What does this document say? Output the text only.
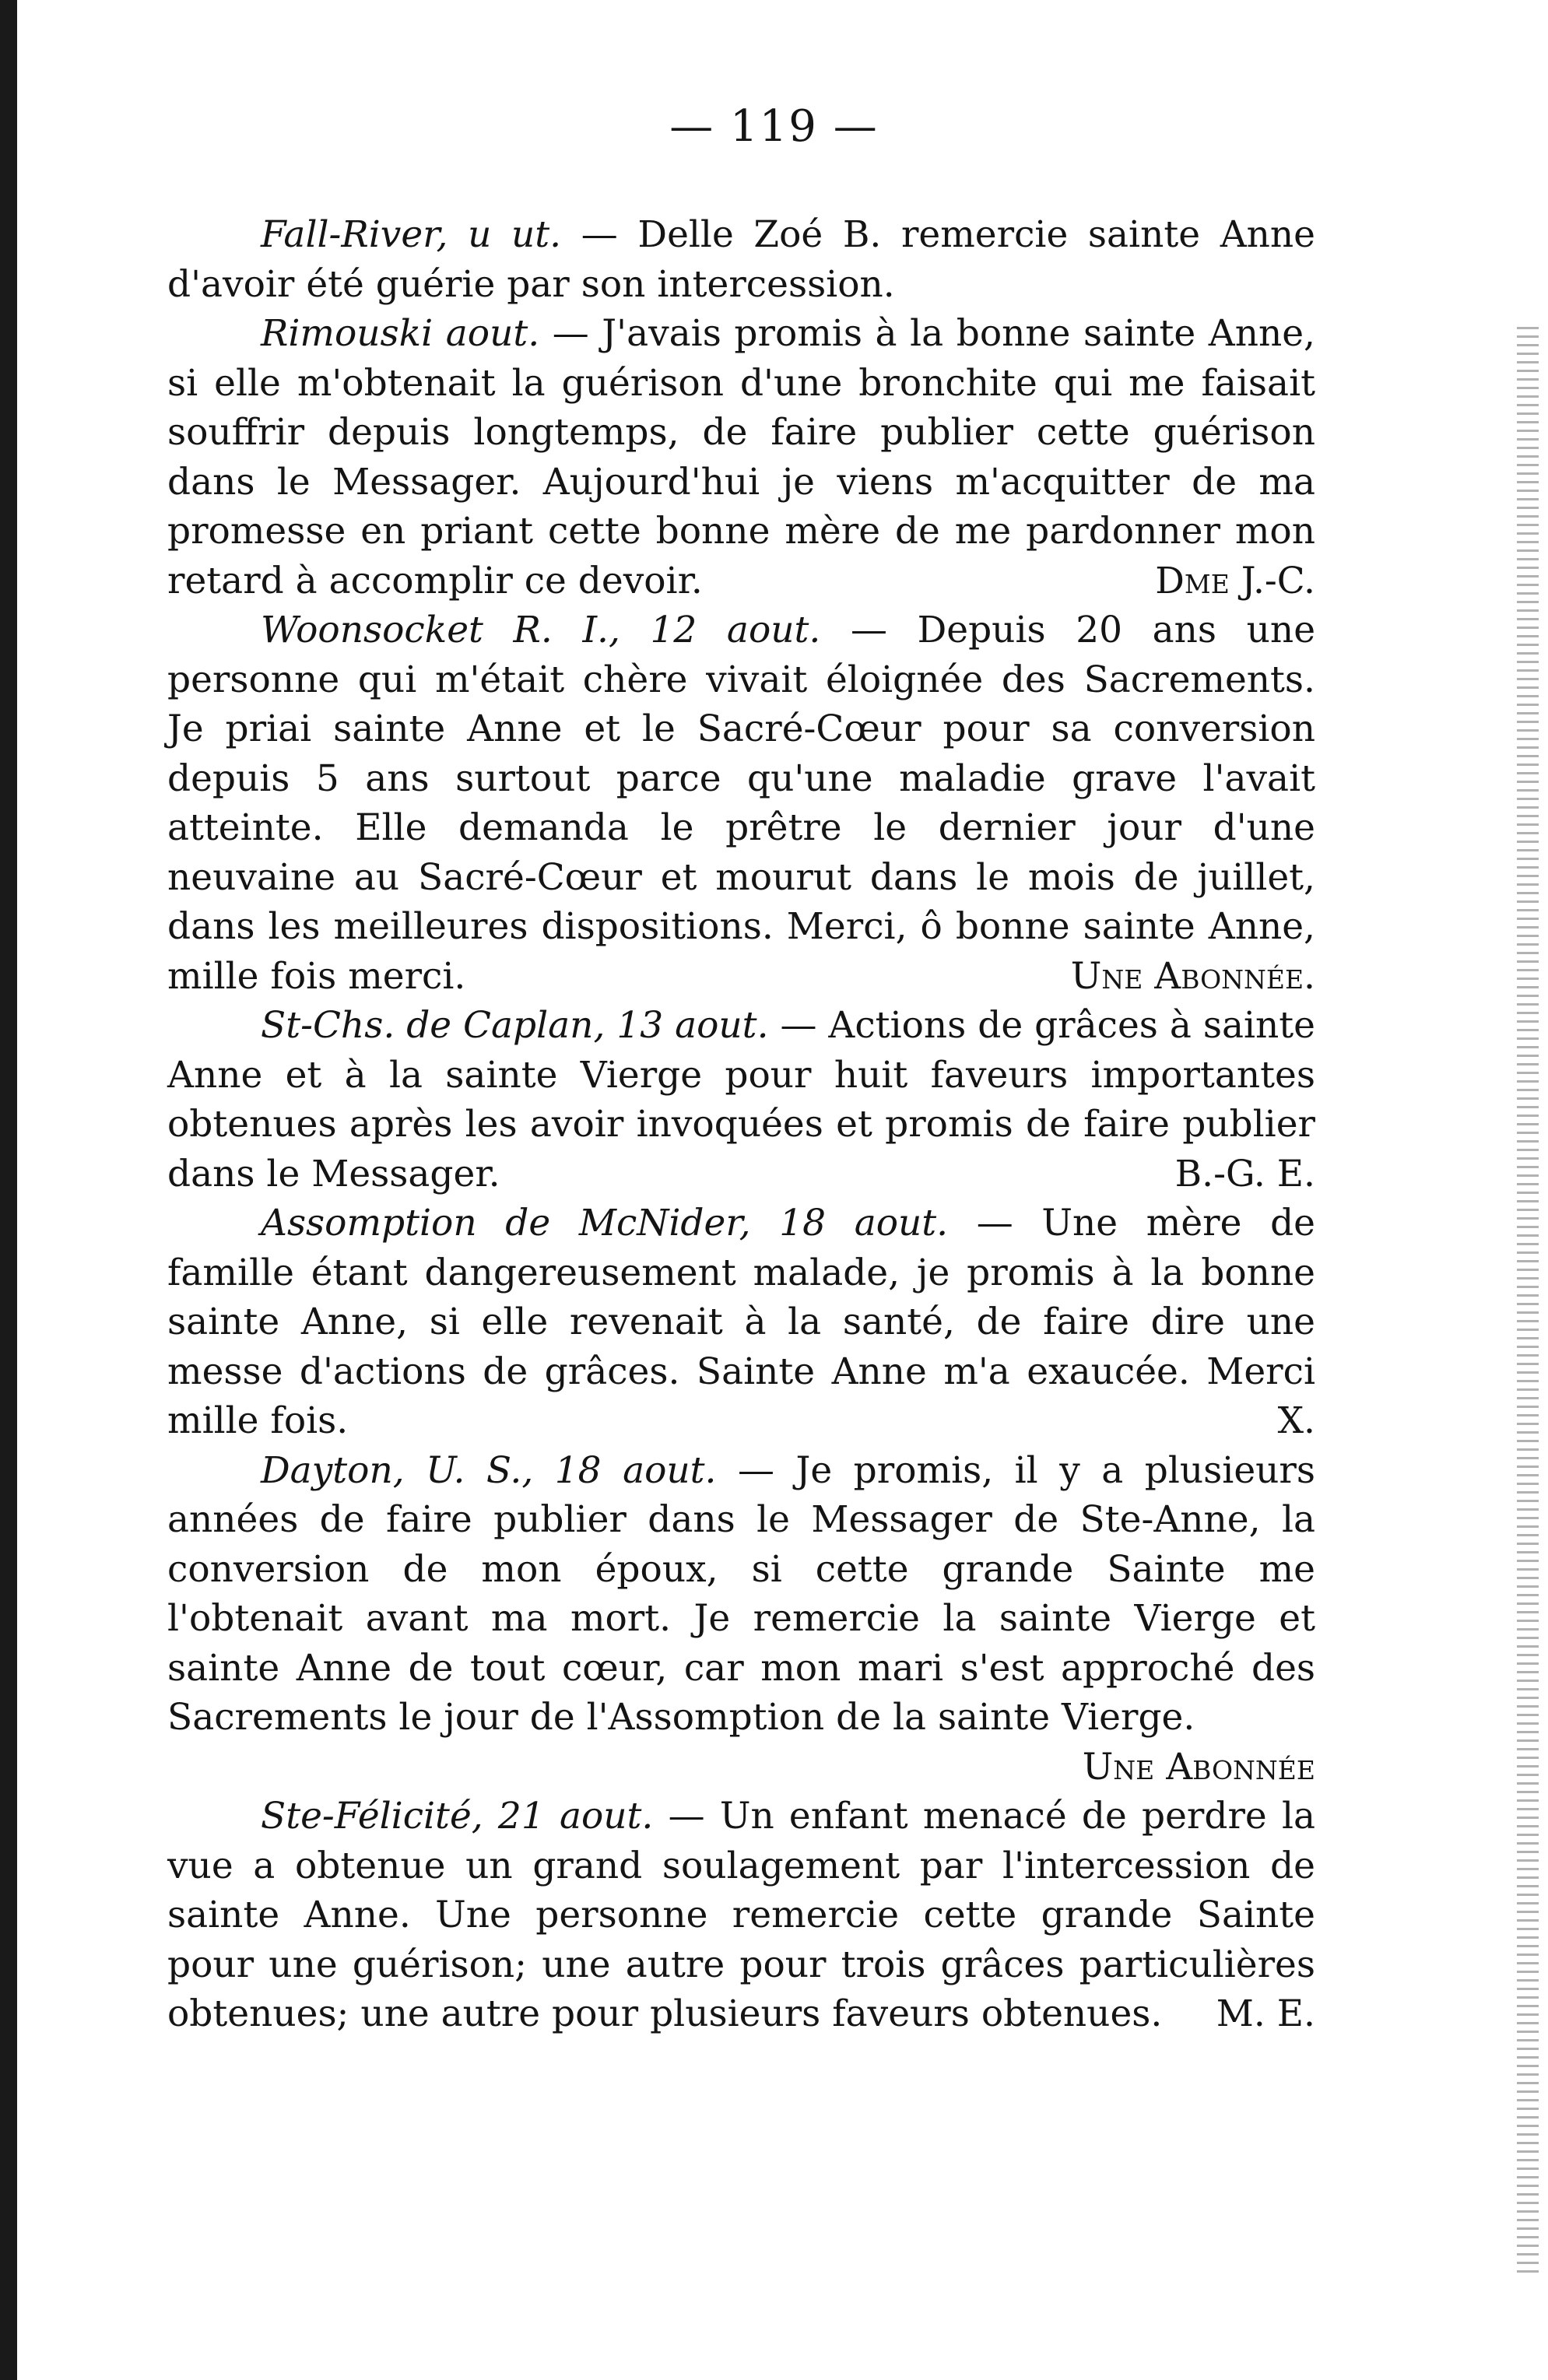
— 119 —

Fall-River, u ut. — Delle Zoé B. remercie sainte Anne d'avoir été guérie par son intercession.

Rimouski aout. — J'avais promis à la bonne sainte Anne, si elle m'obtenait la guérison d'une bronchite qui me faisait souffrir depuis longtemps, de faire publier cette guérison dans le Messager. Aujourd'hui je viens m'acquitter de ma promesse en priant cette bonne mère de me pardonner mon retard à accomplir ce devoir.	Dme J.-C.

Woonsocket R. I., 12 aout. — Depuis 20 ans une personne qui m'était chère vivait éloignée des Sacrements. Je priai sainte Anne et le Sacré-Cœur pour sa conversion depuis 5 ans surtout parce qu'une maladie grave l'avait atteinte. Elle demanda le prêtre le dernier jour d'une neuvaine au Sacré-Cœur et mourut dans le mois de juillet, dans les meilleures dispositions. Merci, ô bonne sainte Anne, mille fois merci.	Une Abonnée.

St-Chs. de Caplan, 13 aout. — Actions de grâces à sainte Anne et à la sainte Vierge pour huit faveurs importantes obtenues après les avoir invoquées et promis de faire publier dans le Messager.	B.-G. E.

Assomption de McNider, 18 aout. — Une mère de famille étant dangereusement malade, je promis à la bonne sainte Anne, si elle revenait à la santé, de faire dire une messe d'actions de grâces. Sainte Anne m'a exaucée. Merci mille fois.	X.

Dayton, U. S., 18 aout. — Je promis, il y a plusieurs années de faire publier dans le Messager de Ste-Anne, la conversion de mon époux, si cette grande Sainte me l'obtenait avant ma mort. Je remercie la sainte Vierge et sainte Anne de tout cœur, car mon mari s'est approché des Sacrements le jour de l'Assomption de la sainte Vierge.
Une Abonnée

Ste-Félicité, 21 aout. — Un enfant menacé de perdre la vue a obtenue un grand soulagement par l'intercession de sainte Anne. Une personne remercie cette grande Sainte pour une guérison; une autre pour trois grâces particulières obtenues; une autre pour plusieurs faveurs obtenues. M. E.
